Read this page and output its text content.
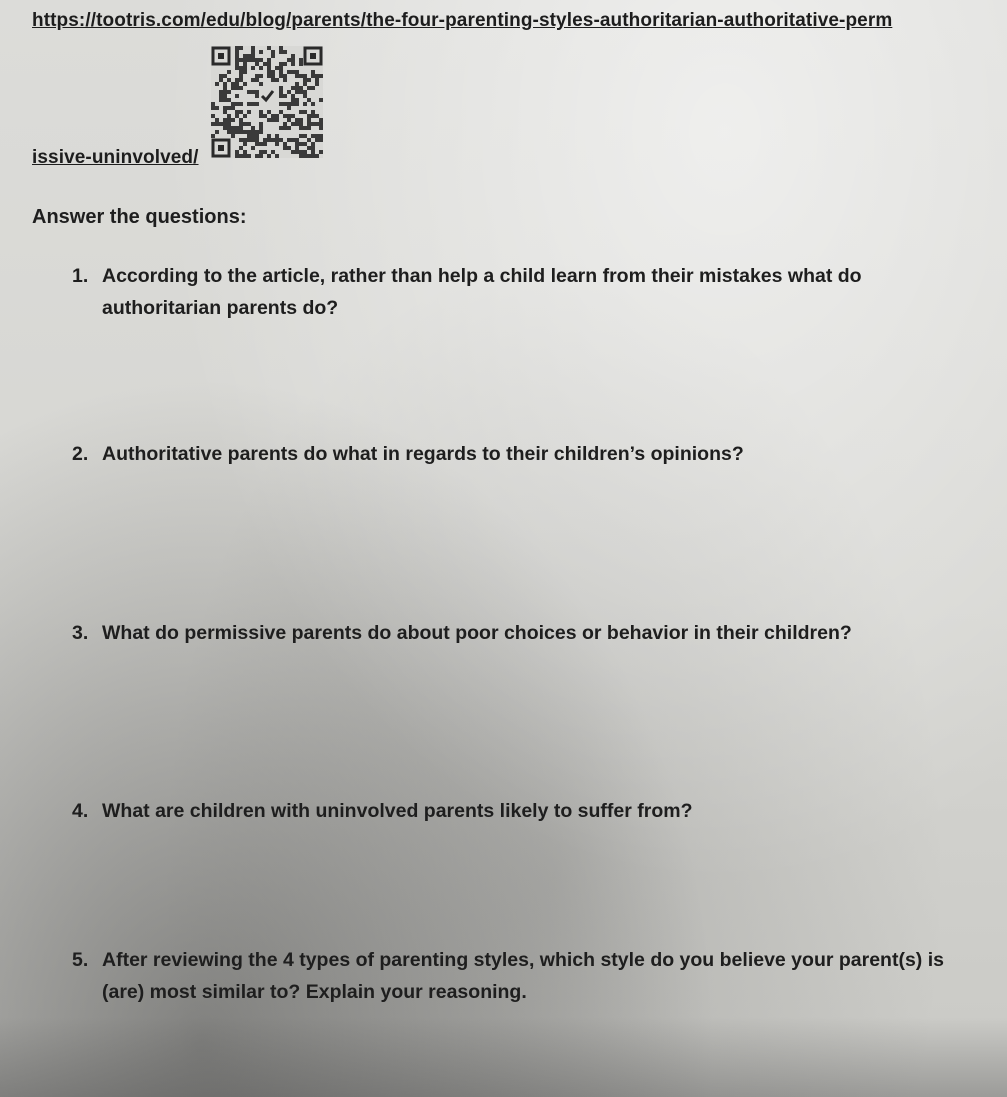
https://tootris.com/edu/blog/parents/the-four-parenting-styles-authoritarian-authoritative-perm
issive-uninvolved/
Answer the questions:
1. According to the article, rather than help a child learn from their mistakes what do authoritarian parents do?
2. Authoritative parents do what in regards to their children’s opinions?
3. What do permissive parents do about poor choices or behavior in their children?
4. What are children with uninvolved parents likely to suffer from?
5. After reviewing the 4 types of parenting styles, which style do you believe your parent(s) is (are) most similar to? Explain your reasoning.
